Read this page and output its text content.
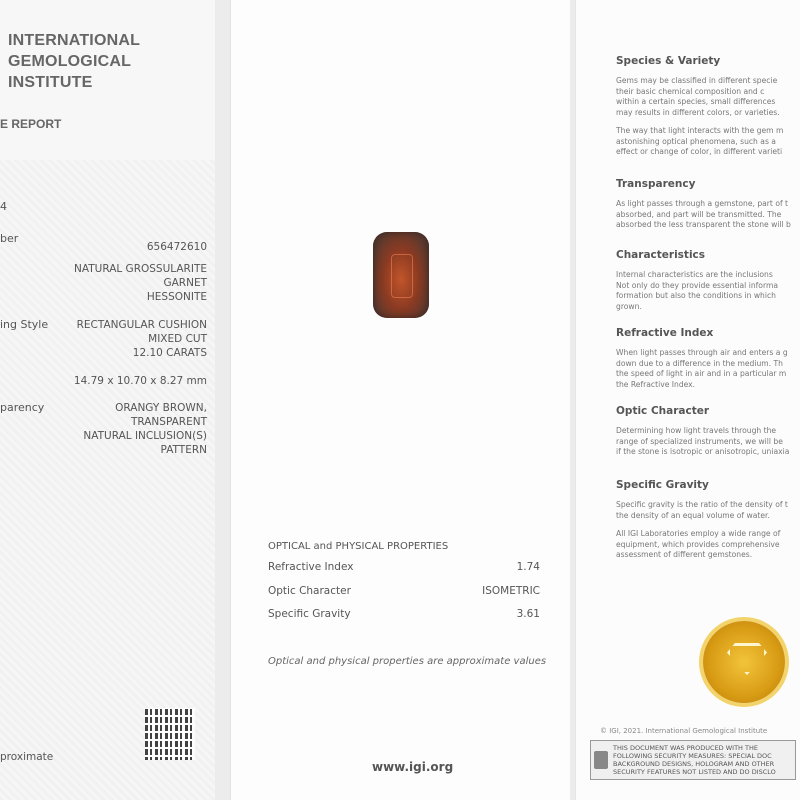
INTERNATIONAL
GEMOLOGICAL
INSTITUTE
E REPORT
4
ber
656472610
NATURAL GROSSULARITE
GARNET
HESSONITE
ing Style	RECTANGULAR CUSHION
MIXED CUT
12.10 CARATS
14.79 x 10.70 x 8.27 mm
parency	ORANGY BROWN,
TRANSPARENT
NATURAL INCLUSION(S)
PATTERN
proximate
OPTICAL and PHYSICAL PROPERTIES
Refractive Index	1.74
Optic Character	ISOMETRIC
Specific Gravity	3.61
Optical and physical properties are approximate values
www.igi.org
Species & Variety

Gems may be classified in different specie
their basic chemical composition and c
within a certain species, small differences
may results in different colors, or varieties.

The way that light interacts with the gem m
astonishing optical phenomena, such as a
effect or change of color, in different varieti

Transparency

As light passes through a gemstone, part of t
absorbed, and part will be transmitted. The
absorbed the less transparent the stone will b

Characteristics

Internal characteristics are the inclusions
Not only do they provide essential informa
formation but also the conditions in which
grown.

Refractive Index

When light passes through air and enters a g
down due to a difference in the medium. Th
the speed of light in air and in a particular m
the Refractive Index.

Optic Character

Determining how light travels through the
range of specialized instruments, we will be
if the stone is isotropic or anisotropic, uniaxia

Specific Gravity

Specific gravity is the ratio of the density of t
the density of an equal volume of water.

All IGI Laboratories employ a wide range of
equipment, which provides comprehensive
assessment of different gemstones.

© IGI, 2021. International Gemological Institute
THIS DOCUMENT WAS PRODUCED WITH THE FOLLOWING SECURITY MEASURES: SPECIAL DOC
BACKGROUND DESIGNS, HOLOGRAM AND OTHER SECURITY FEATURES NOT LISTED AND DO DISCLO
